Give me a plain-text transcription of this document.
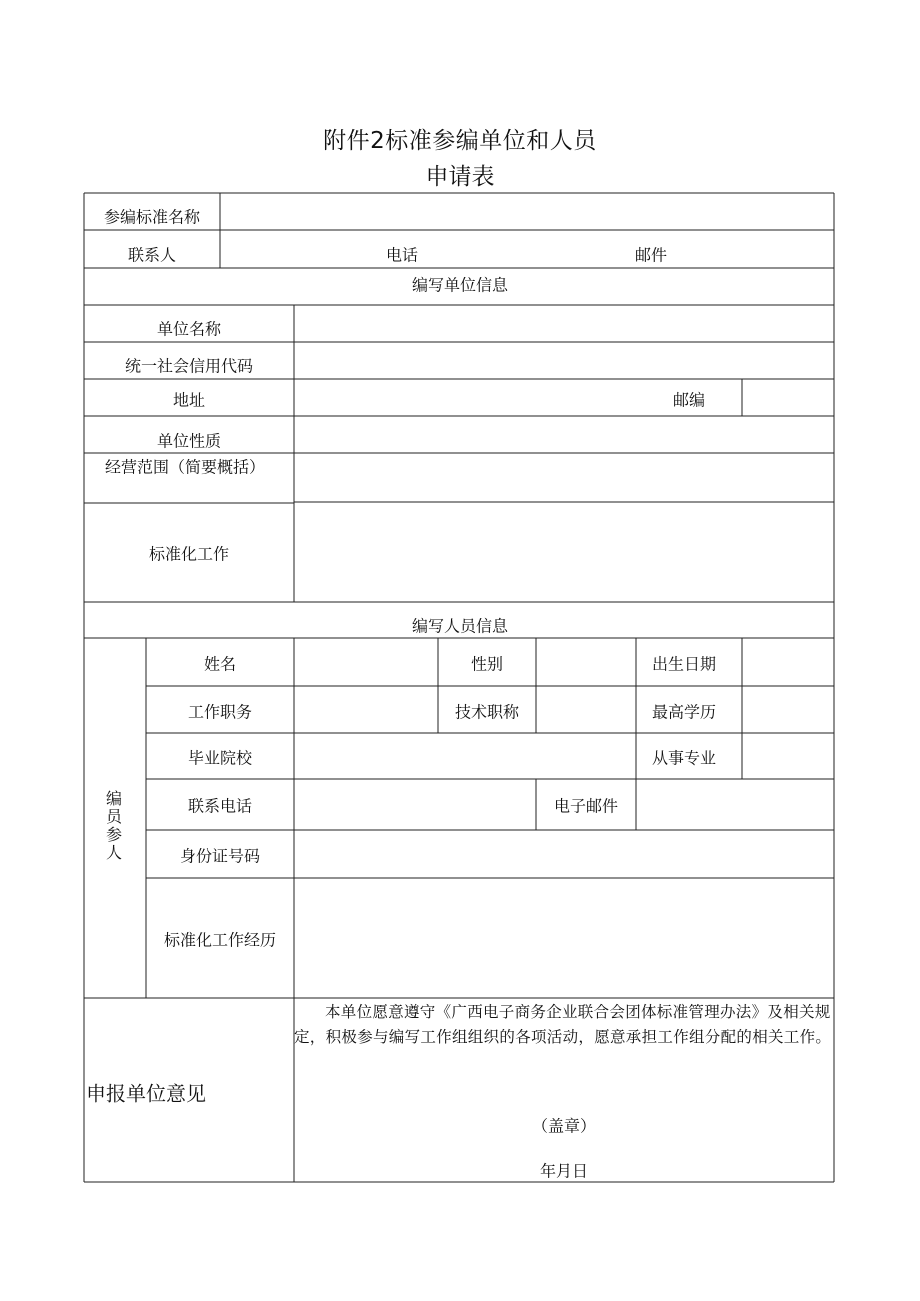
附件2标准参编单位和人员
申请表
参编标准名称
联系人	电话	邮件
编写单位信息
单位名称
统一社会信用代码
地址	邮编
单位性质
经营范围（简要概括）
标准化工作
编写人员信息
编员参人
姓名	性别	出生日期
工作职务	技术职称	最高学历
毕业院校	从事专业
联系电话	电子邮件
身份证号码
标准化工作经历
申报单位意见
本单位愿意遵守《广西电子商务企业联合会团体标准管理办法》及相关规定，积极参与编写工作组组织的各项活动，愿意承担工作组分配的相关工作。
（盖章）
年月日
